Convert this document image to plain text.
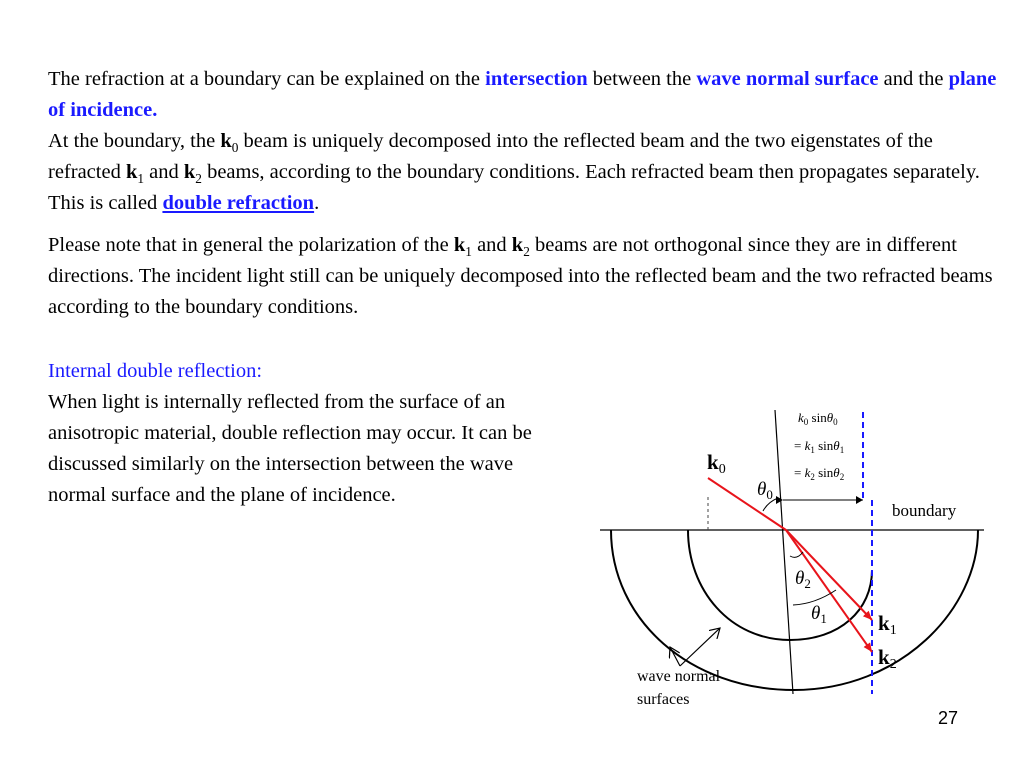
The refraction at a boundary can be explained on the intersection between the wave normal surface and the plane of incidence.
At the boundary, the $k_0$ beam is uniquely decomposed into the reflected beam and the two eigenstates of the refracted $k_1$ and $k_2$ beams, according to the boundary conditions. Each refracted beam then propagates separately. This is called double refraction.

Please note that in general the polarization of the $k_1$ and $k_2$ beams are not orthogonal since they are in different directions. The incident light still can be uniquely decomposed into the reflected beam and the two refracted beams according to the boundary conditions.

Internal double reflection:
When light is internally reflected from the surface of an anisotropic material, double reflection may occur. It can be discussed similarly on the intersection between the wave normal surface and the plane of incidence.
$k_0$ sinθ$_0$
= $k_1$ sinθ$_1$
= $k_2$ sinθ$_2$
k0
$\theta_0$
$\theta_2$
$\theta_1$ k1
k2
boundary
wave normal
surfaces
27
